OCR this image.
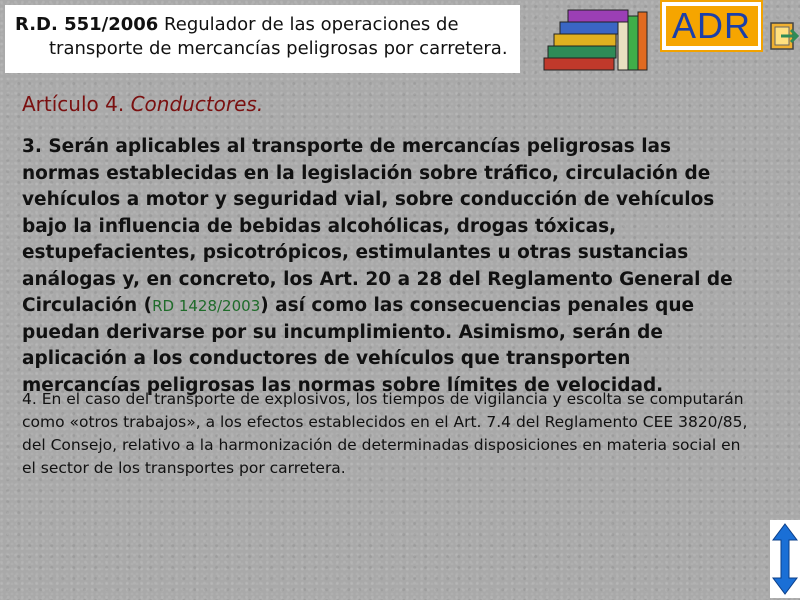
R.D. 551/2006 Regulador de las operaciones de
transporte de mercancías peligrosas por carretera.
ADR
Artículo 4. Conductores.
3. Serán aplicables al transporte de mercancías peligrosas las normas establecidas en la legislación sobre tráfico, circulación de vehículos a motor y seguridad vial, sobre conducción de vehículos bajo la influencia de bebidas alcohólicas, drogas tóxicas, estupefacientes, psicotrópicos, estimulantes u otras sustancias análogas y, en concreto, los Art. 20 a 28 del Reglamento General de Circulación (RD 1428/2003) así como las consecuencias penales que puedan derivarse por su incumplimiento. Asimismo, serán de aplicación a los conductores de vehículos que transporten mercancías peligrosas las normas sobre límites de velocidad.
4. En el caso del transporte de explosivos, los tiempos de vigilancia y escolta se computarán como «otros trabajos», a los efectos establecidos en el Art. 7.4 del Reglamento CEE 3820/85, del Consejo, relativo a la harmonización de determinadas disposiciones en materia social en el sector de los transportes por carretera.
